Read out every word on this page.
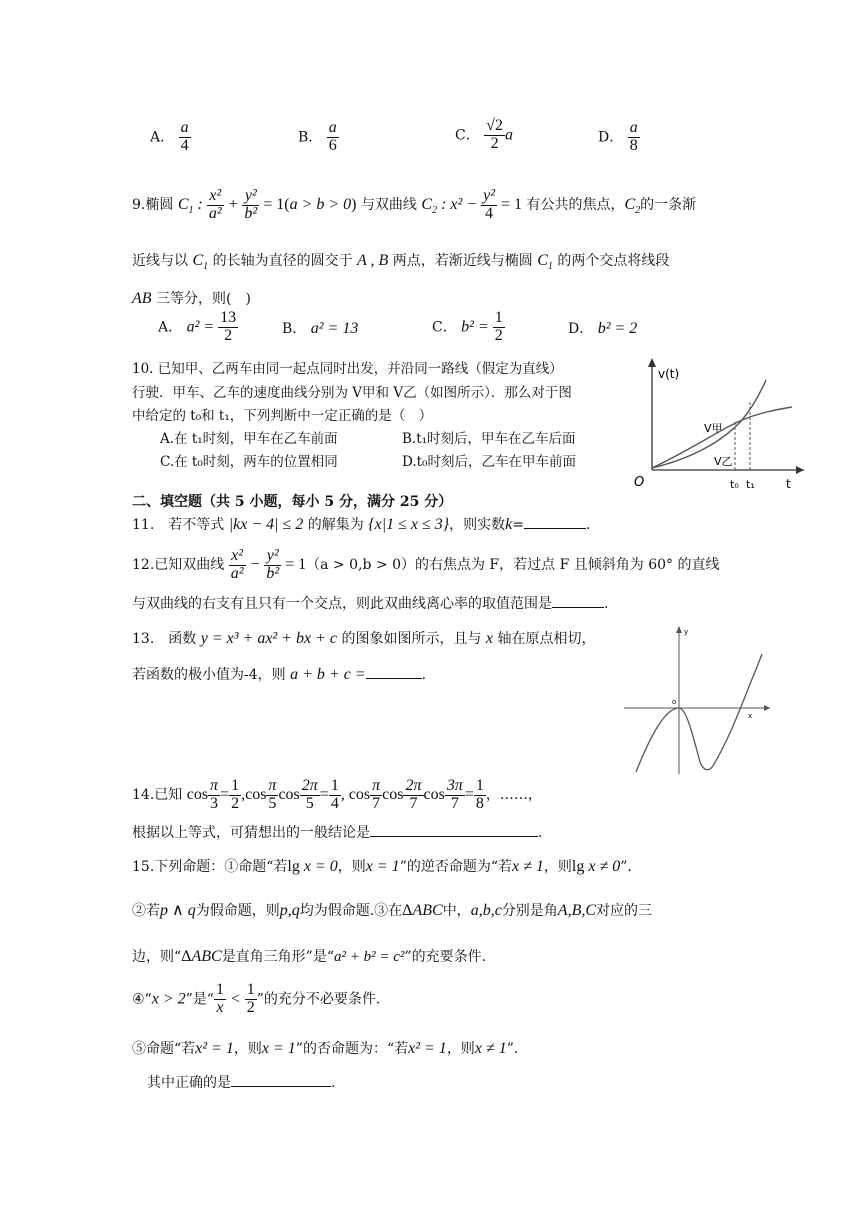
A． $\frac{a}{4}$	B． $\frac{a}{6}$	C． $\frac{√2}{2}$ a	D． $\frac{a}{8}$
9.椭圆 $C_1$ : $\frac{\text{x²}}{\text{a²}} + \frac{\text{y²}}{\text{b²}} = 1(a > b > 0)$ 与双曲线 $C_2$ : $x^2 - \frac{\text{y²}}{4} = 1$ 有公共的焦点，$C_2$的一条渐
近线与以 $C_1$ 的长轴为直径的圆交于 A , B 两点，若渐近线与椭圆 $C_1$ 的两个交点将线段
AB 三等分，则(　)
A． $a^2 = \frac{13}{2}$	B． a² = 13	C． $b^2 = \frac{1}{2}$	D． b² = 2
10. 已知甲、乙两车由同一起点同时出发，并沿同一路线（假定为直线）
行驶．甲车、乙车的速度曲线分别为 V甲和 V乙（如图所示）．那么对于图
中给定的 t₀和 t₁，下列判断中一定正确的是（　）
A.在 t₁时刻，甲车在乙车前面	B.t₁时刻后，甲车在乙车后面
C.在 t₀时刻，两车的位置相同	D.t₀时刻后，乙车在甲车前面
v(t)
V甲
V乙
O	t₀ t₁	t
二、填空题（共 5 小题，每小 5 分，满分 25 分）
11.　若不等式 |kx − 4| ≤ 2 的解集为 {x|1 ≤ x ≤ 3}，则实数k=	.
12.已知双曲线 $\frac{\text{x²}}{\text{a²}} - \frac{\text{y²}}{\text{b²}} = 1(a > 0,b > 0)$的右焦点为 F，若过点 F 且倾斜角为 60° 的直线
与双曲线的右支有且只有一个交点，则此双曲线离心率的取值范围是	.
13.　函数 y = x³ + ax² + bx + c 的图象如图所示，且与 x 轴在原点相切，
若函数的极小值为-4，则 a + b + c =	.
y
x
o
14.已知 $\cos \frac{\pi}{3} = \frac{1}{2} ,\cos \frac{\pi}{5}$ $\cos \frac{2\pi}{5} = \frac{1}{4}$ , $\cos \frac{\pi}{7}$ $\cos \frac{2\pi}{7}$ $\cos \frac{3\pi}{7} = \frac{1}{8}$ ，……，
根据以上等式，可猜想出的一般结论是	.
15.下列命题：①命题“若lg x = 0，则x = 1”的逆否命题为“若x ≠ 1，则lg x ≠ 0”.
②若p ∧ q为假命题，则p,q均为假命题.③在ΔABC中，a,b,c分别是角A,B,C对应的三
边，则“ΔABC是直角三角形”是“a² + b² = c²”的充要条件.
④“x > 2”是“ $\frac{1}{x} < \frac{1}{2}$ ”的充分不必要条件.
⑤命题“若x² = 1，则x = 1”的否命题为：“若x² = 1，则x ≠ 1”.
其中正确的是	.
